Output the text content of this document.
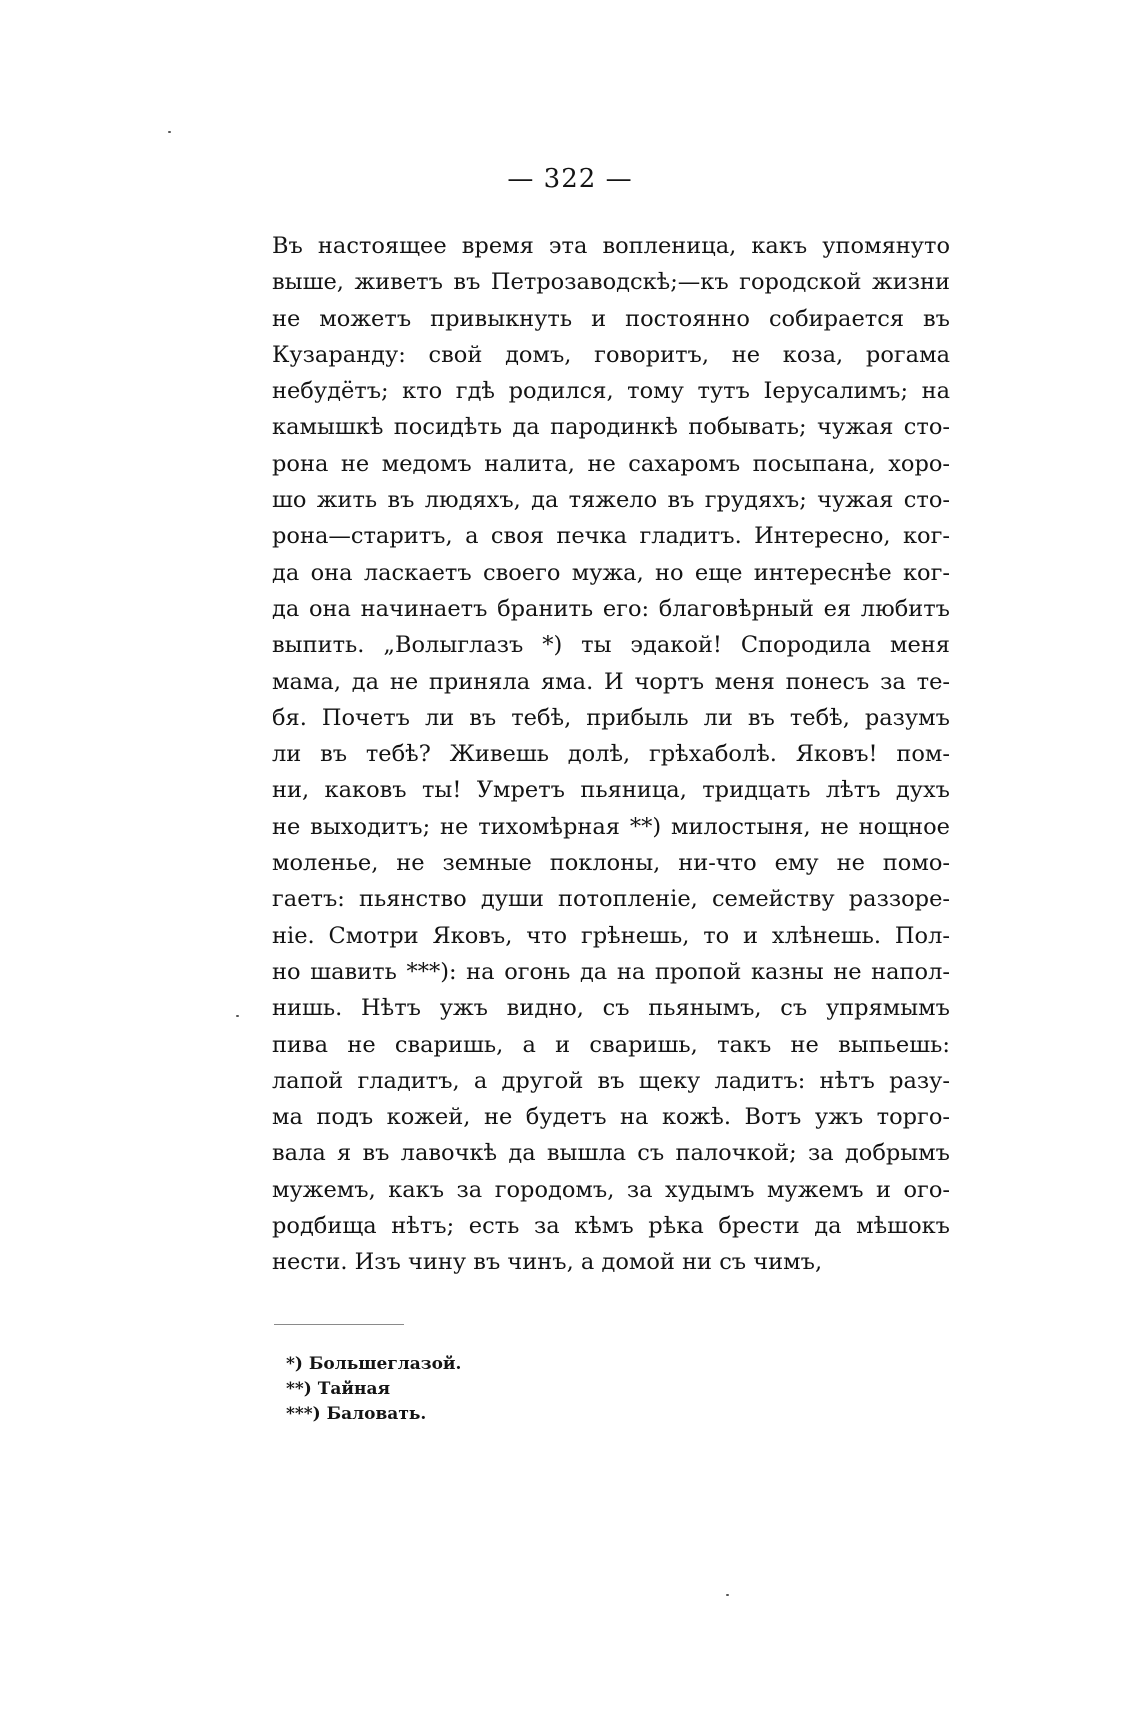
— 322 —
Въ настоящее время эта вопленица, какъ упомянуто
выше, живетъ въ Петрозаводскѣ;—къ городской жизни
не можетъ привыкнуть и постоянно собирается въ
Кузаранду: свой домъ, говоритъ, не коза, рогама
небудётъ; кто гдѣ родился, тому тутъ Іерусалимъ; на
камышкѣ посидѣть да пародинкѣ побывать; чужая сто-
рона не медомъ налита, не сахаромъ посыпана, хоро-
шо жить въ людяхъ, да тяжело въ грудяхъ; чужая сто-
рона—старитъ, а своя печка гладитъ. Интересно, ког-
да она ласкаетъ своего мужа, но еще интереснѣе ког-
да она начинаетъ бранить его: благовѣрный ея любитъ
выпить. „Волыглазъ *) ты эдакой! Спородила меня
мама, да не приняла яма. И чортъ меня понесъ за те-
бя. Почетъ ли въ тебѣ, прибыль ли въ тебѣ, разумъ
ли въ тебѣ? Живешь долѣ, грѣхаболѣ. Яковъ! пом-
ни, каковъ ты! Умретъ пьяница, тридцать лѣтъ духъ
не выходитъ; не тихомѣрная **) милостыня, не нощное
моленье, не земные поклоны, ни-что ему не помо-
гаетъ: пьянство души потопленіе, семейству раззоре-
ніе. Смотри Яковъ, что грѣнешь, то и хлѣнешь. Пол-
но шавить ***): на огонь да на пропой казны не напол-
нишь. Нѣтъ ужъ видно, съ пьянымъ, съ упрямымъ
пива не сваришь, а и сваришь, такъ не выпьешь:
лапой гладитъ, а другой въ щеку ладитъ: нѣтъ разу-
ма подъ кожей, не будетъ на кожѣ. Вотъ ужъ торго-
вала я въ лавочкѣ да вышла съ палочкой; за добрымъ
мужемъ, какъ за городомъ, за худымъ мужемъ и ого-
родбища нѣтъ; есть за кѣмъ рѣка брести да мѣшокъ
нести. Изъ чину въ чинъ, а домой ни съ чимъ,
*) Большеглазой.
**) Тайная
***) Баловать.
